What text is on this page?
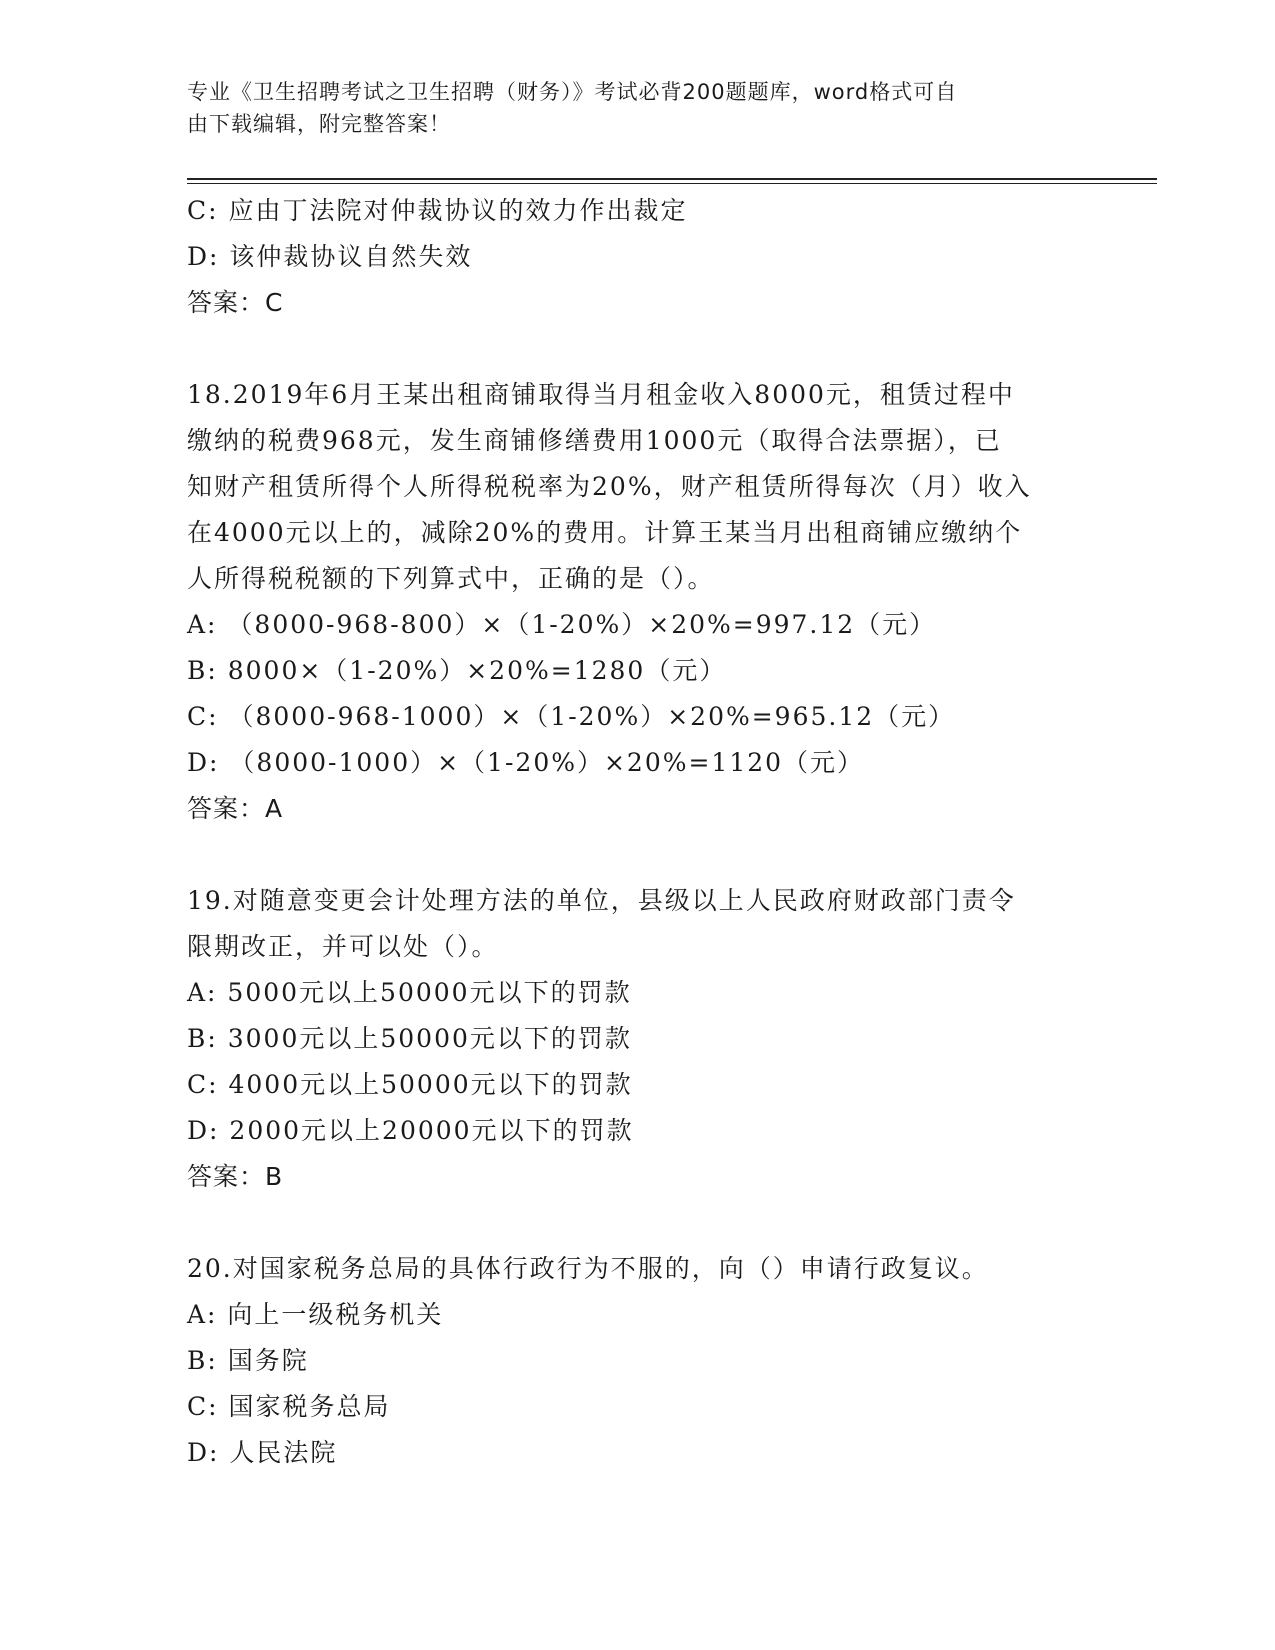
专业《卫生招聘考试之卫生招聘（财务）》考试必背200题题库，word格式可自
由下载编辑，附完整答案！
C: 应由丁法院对仲裁协议的效力作出裁定
D: 该仲裁协议自然失效
答案：C
18.2019年6月王某出租商铺取得当月租金收入8000元，租赁过程中
缴纳的税费968元，发生商铺修缮费用1000元（取得合法票据），已
知财产租赁所得个人所得税税率为20%，财产租赁所得每次（月）收入
在4000元以上的，减除20%的费用。计算王某当月出租商铺应缴纳个
人所得税税额的下列算式中，正确的是（）。
A: （8000-968-800）×（1-20%）×20%=997.12（元）
B: 8000×（1-20%）×20%=1280（元）
C: （8000-968-1000）×（1-20%）×20%=965.12（元）
D: （8000-1000）×（1-20%）×20%=1120（元）
答案：A
19.对随意变更会计处理方法的单位，县级以上人民政府财政部门责令
限期改正，并可以处（）。
A: 5000元以上50000元以下的罚款
B: 3000元以上50000元以下的罚款
C: 4000元以上50000元以下的罚款
D: 2000元以上20000元以下的罚款
答案：B
20.对国家税务总局的具体行政行为不服的，向（）申请行政复议。
A: 向上一级税务机关
B: 国务院
C: 国家税务总局
D: 人民法院
